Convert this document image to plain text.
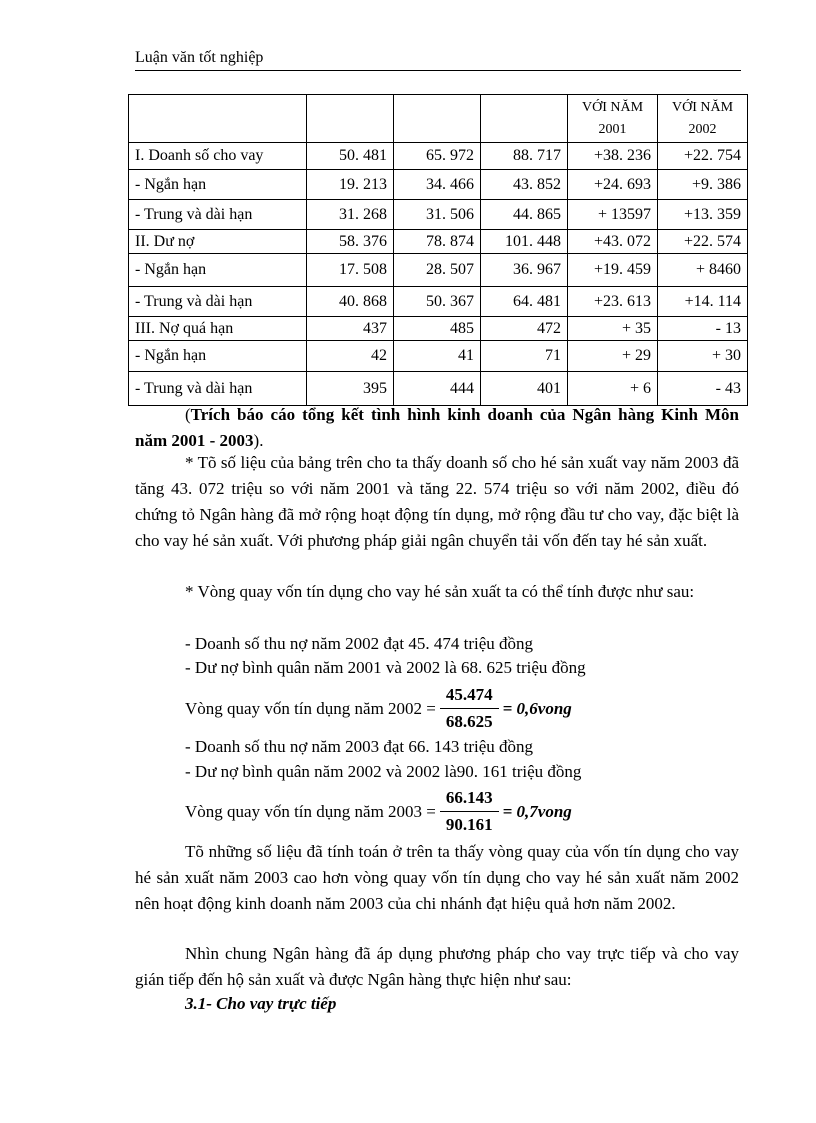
Luận văn tốt nghiệp
				VỚI NĂM 2001	VỚI NĂM 2002
I. Doanh số cho vay	50. 481	65. 972	88. 717	+38. 236	+22. 754
- Ngắn hạn	19. 213	34. 466	43. 852	+24. 693	+9. 386
- Trung và dài hạn	31. 268	31. 506	44. 865	+ 13597	+13. 359
II. Dư nợ	58. 376	78. 874	101. 448	+43. 072	+22. 574
- Ngắn hạn	17. 508	28. 507	36. 967	+19. 459	+ 8460
- Trung và dài hạn	40. 868	50. 367	64. 481	+23. 613	+14. 114
III. Nợ quá hạn	437	485	472	+ 35	- 13
- Ngắn hạn	42	41	71	+ 29	+ 30
- Trung và dài hạn	395	444	401	+ 6	- 43
(Trích báo cáo tổng kết tình hình kinh doanh của Ngân hàng Kinh Môn năm 2001 - 2003).
* Tõ số liệu của bảng trên cho ta thấy doanh số cho hé sản xuất vay năm 2003 đã tăng 43. 072 triệu so với năm 2001 và tăng 22. 574 triệu so với năm 2002, điều đó chứng tỏ Ngân hàng đã mở rộng hoạt động tín dụng, mở rộng đầu tư cho vay, đặc biệt là cho vay hé sản xuất. Với phương pháp giải ngân chuyển tải vốn đến tay hé sản xuất.
* Vòng quay vốn tín dụng cho vay hé sản xuất ta có thể tính được như sau:
- Doanh số thu nợ năm 2002 đạt 45. 474 triệu đồng
- Dư nợ bình quân năm 2001 và 2002 là 68. 625 triệu đồng
Vòng quay vốn tín dụng năm $2002 = \frac{45.474}{68.625}$ = 0,6vong
- Doanh số thu nợ năm 2003 đạt 66. 143 triệu đồng
- Dư nợ bình quân năm 2002 và 2002 là90. 161 triệu đồng
Vòng quay vốn tín dụng năm $2003 = \frac{66.143}{90.161}$ = 0,7vong
Tõ những số liệu đã tính toán ở trên ta thấy vòng quay của vốn tín dụng cho vay hé sản xuất năm 2003 cao hơn vòng quay vốn tín dụng cho vay hé sản xuất năm 2002 nên hoạt động kinh doanh năm 2003 của chi nhánh đạt hiệu quả hơn năm 2002.
Nhìn chung Ngân hàng đã áp dụng phương pháp cho vay trực tiếp và cho vay gián tiếp đến hộ sản xuất và được Ngân hàng thực hiện như sau:
3.1- Cho vay trực tiếp
